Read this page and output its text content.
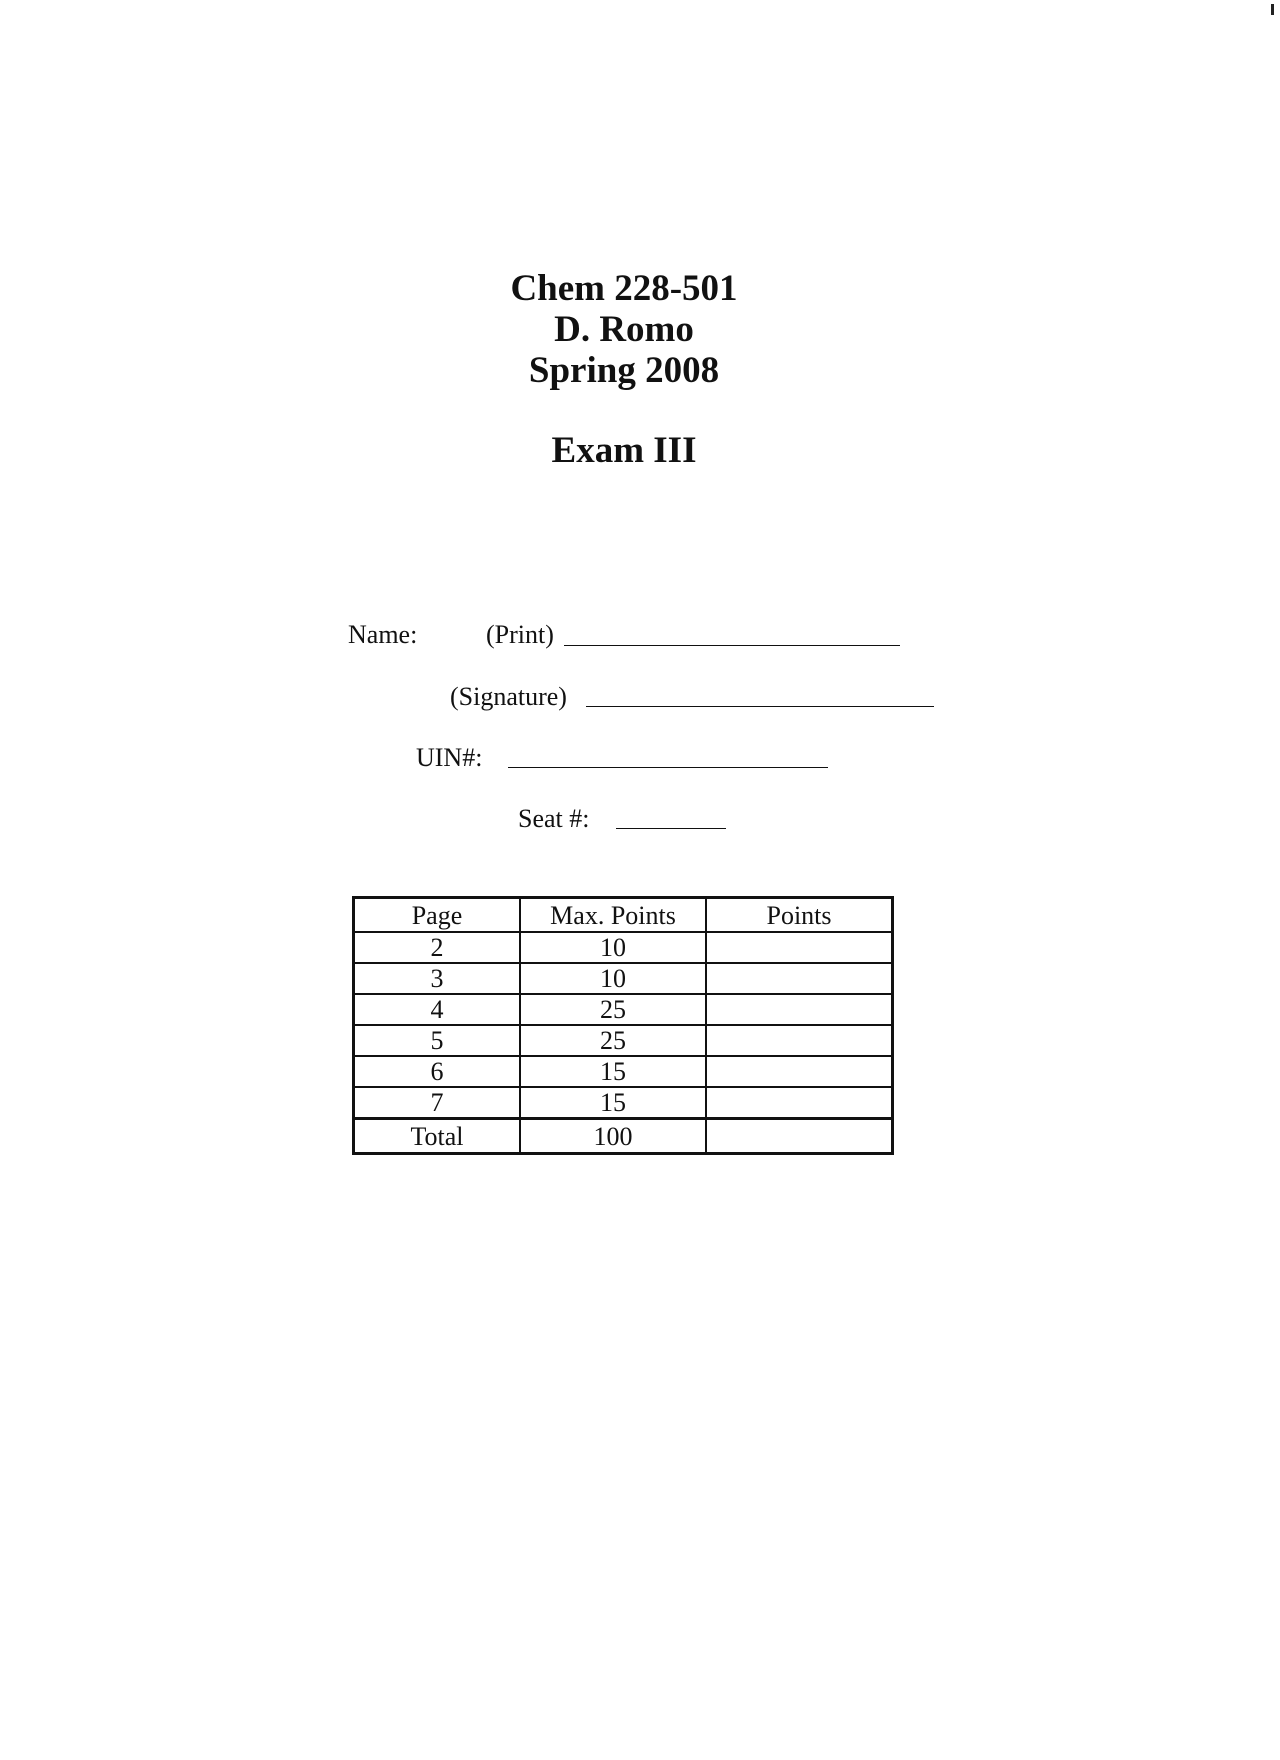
Chem 228-501
D. Romo
Spring 2008
Exam III
Name:	(Print)
(Signature)
UIN#:
Seat #:
Page	Max. Points	Points
2	10	
3	10	
4	25	
5	25	
6	15	
7	15	
Total	100	
